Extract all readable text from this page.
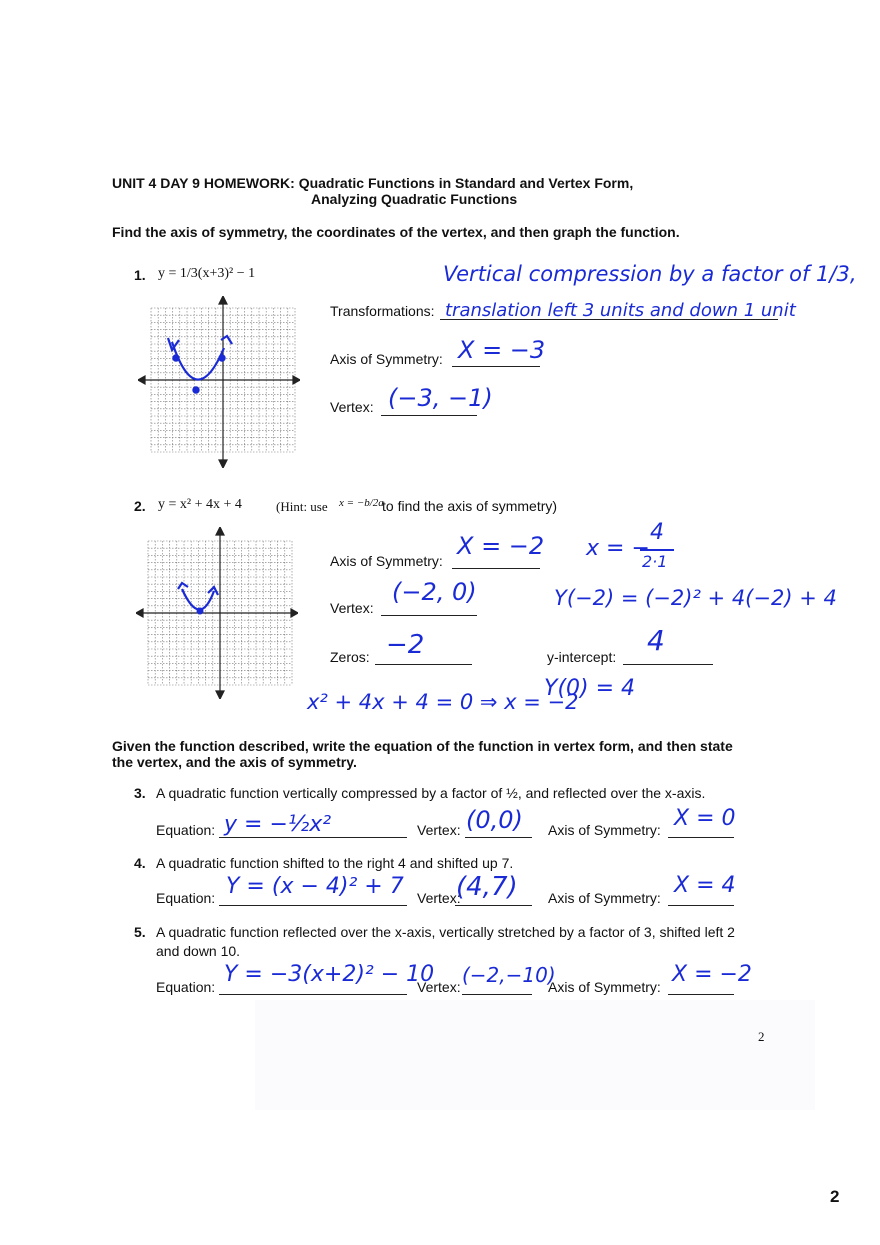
UNIT 4 DAY 9 HOMEWORK: Quadratic Functions in Standard and Vertex Form,
Analyzing Quadratic Functions
Find the axis of symmetry, the coordinates of the vertex, and then graph the function.
1. y = 1/3(x+3)² − 1	Vertical compression by a factor of 1/3,
Transformations: translation left 3 units and down 1 unit
Axis of Symmetry: X = −3
Vertex: (−3, −1)
2. y = x² + 4x + 4	(Hint: use x = −b/2a
to find the axis of symmetry)
Axis of Symmetry:
X = −2 x = −
4
2·1
Vertex:
(−2, 0)	Y(−2) = (−2)² + 4(−2) + 4
Zeros: −2	y-intercept: 4
x² + 4x + 4 = 0 ⇒ x = −2
Y(0) = 4
Given the function described, write the equation of the function in vertex form, and then state
the vertex, and the axis of symmetry.
3. A quadratic function vertically compressed by a factor of ½, and reflected over the x-axis.
Equation: y = −½x²	Vertex: (0,0) Axis of Symmetry: X = 0
4. A quadratic function shifted to the right 4 and shifted up 7.
Equation: Y = (x − 4)² + 7 Vertex:
(4,7) Axis of Symmetry: X = 4
5. A quadratic function reflected over the x-axis, vertically stretched by a factor of 3, shifted left 2
and down 10.
Equation: Y = −3(x+2)² − 10
Vertex: (−2,−10)
Axis of Symmetry: X = −2
2
2
